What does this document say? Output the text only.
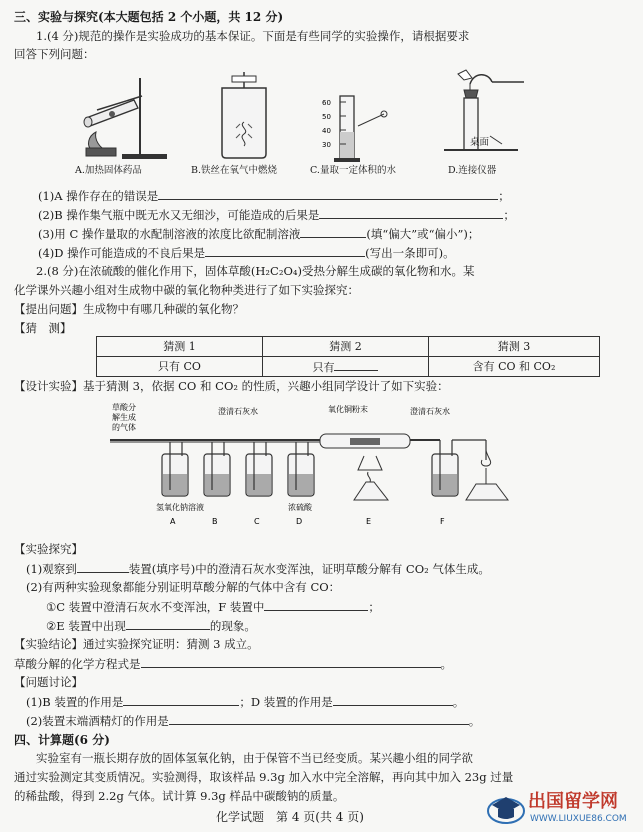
三、实验与探究(本大题包括 2 个小题，共 12 分)
1.(4 分)规范的操作是实验成功的基本保证。下面是有些同学的实验操作，请根据要求
回答下列问题：
A.加热固体药品	B.铁丝在氧气中燃烧
60
50
40
30
C.量取一定体积的水
桌面
D.连接仪器
(1)A 操作存在的错误是	；
(2)B 操作集气瓶中既无水又无细沙，可能造成的后果是	；
(3)用 C 操作量取的水配制溶液的浓度比欲配制溶液	(填“偏大”或“偏小”)；
(4)D 操作可能造成的不良后果是	(写出一条即可)。
2.(8 分)在浓硫酸的催化作用下，固体草酸(H₂C₂O₄)受热分解生成碳的氧化物和水。某
化学课外兴趣小组对生成物中碳的氧化物种类进行了如下实验探究：
【提出问题】生成物中有哪几种碳的氧化物？
【猜　测】
猜测 1	猜测 2	猜测 3
只有 CO	只有	含有 CO 和 CO₂
【设计实验】基于猜测 3，依据 CO 和 CO₂ 的性质，兴趣小组同学设计了如下实验：
草酸分
解生成
的气体
澄清石灰水	氧化铜粉末	澄清石灰水
氢氧化钠溶液	浓硫酸
A	B	C	D	E	F
【实验探究】
(1)观察到	装置(填序号)中的澄清石灰水变浑浊，证明草酸分解有 CO₂ 气体生成。
(2)有两种实验现象都能分别证明草酸分解的气体中含有 CO：
①C 装置中澄清石灰水不变浑浊，F 装置中	；
②E 装置中出现	的现象。
【实验结论】通过实验探究证明：猜测 3 成立。
草酸分解的化学方程式是	。
【问题讨论】
(1)B 装置的作用是	；D 装置的作用是	。
(2)装置末端酒精灯的作用是	。
四、计算题(6 分)
实验室有一瓶长期存放的固体氢氧化钠，由于保管不当已经变质。某兴趣小组的同学欲
通过实验测定其变质情况。实验测得，取该样品 9.3g 加入水中完全溶解，再向其中加入 23g 过量
的稀盐酸，得到 2.2g 气体。试计算 9.3g 样品中碳酸钠的质量。
化学试题　第 4 页(共 4 页)
出国留学网
WWW.LIUXUE86.COM
